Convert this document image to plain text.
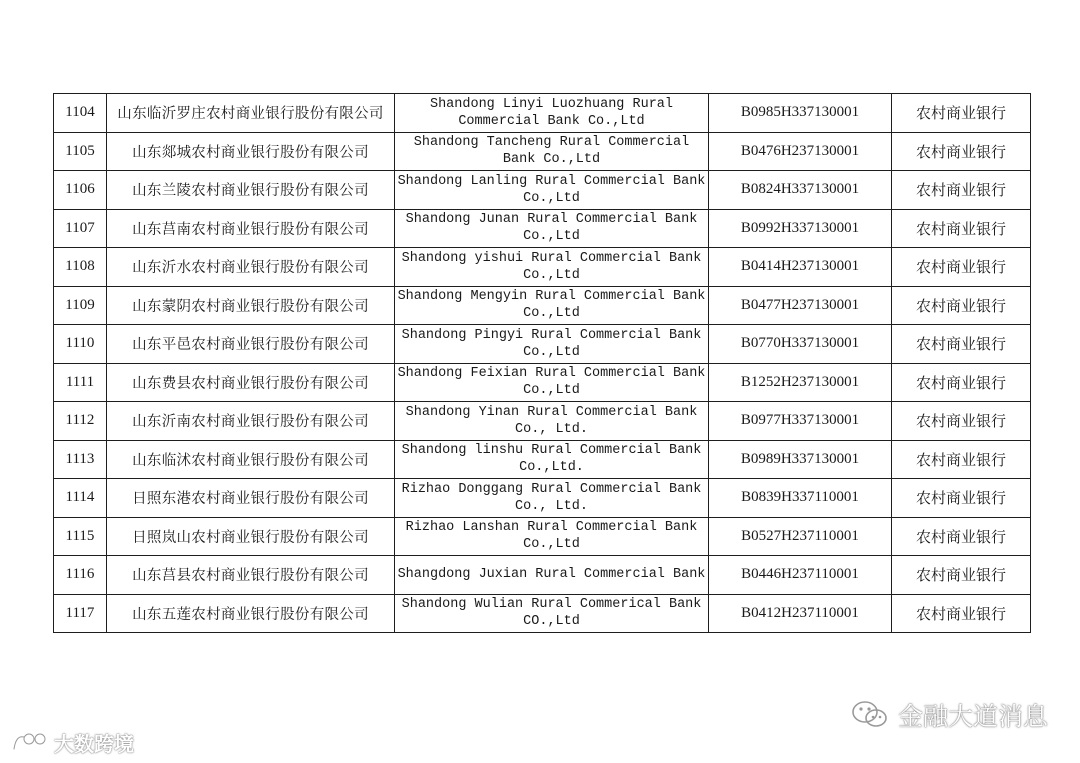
1104	山东临沂罗庄农村商业银行股份有限公司	Shandong Linyi Luozhuang Rural Commercial Bank Co.,Ltd	B0985H337130001	农村商业银行
1105	山东郯城农村商业银行股份有限公司	Shandong Tancheng Rural Commercial Bank Co.,Ltd	B0476H237130001	农村商业银行
1106	山东兰陵农村商业银行股份有限公司	Shandong Lanling Rural Commercial Bank Co.,Ltd	B0824H337130001	农村商业银行
1107	山东莒南农村商业银行股份有限公司	Shandong Junan Rural Commercial Bank Co.,Ltd	B0992H337130001	农村商业银行
1108	山东沂水农村商业银行股份有限公司	Shandong yishui Rural Commercial Bank Co.,Ltd	B0414H237130001	农村商业银行
1109	山东蒙阴农村商业银行股份有限公司	Shandong Mengyin Rural Commercial Bank Co.,Ltd	B0477H237130001	农村商业银行
1110	山东平邑农村商业银行股份有限公司	Shandong Pingyi Rural Commercial Bank Co.,Ltd	B0770H337130001	农村商业银行
1111	山东费县农村商业银行股份有限公司	Shandong Feixian Rural Commercial Bank Co.,Ltd	B1252H237130001	农村商业银行
1112	山东沂南农村商业银行股份有限公司	Shandong Yinan Rural Commercial Bank Co., Ltd.	B0977H337130001	农村商业银行
1113	山东临沭农村商业银行股份有限公司	Shandong linshu Rural Commercial Bank Co.,Ltd.	B0989H337130001	农村商业银行
1114	日照东港农村商业银行股份有限公司	Rizhao Donggang Rural Commercial Bank Co., Ltd.	B0839H337110001	农村商业银行
1115	日照岚山农村商业银行股份有限公司	Rizhao Lanshan Rural Commercial Bank Co.,Ltd	B0527H237110001	农村商业银行
1116	山东莒县农村商业银行股份有限公司	Shangdong Juxian Rural Commercial Bank	B0446H237110001	农村商业银行
1117	山东五莲农村商业银行股份有限公司	Shandong Wulian Rural Commerical Bank CO.,Ltd	B0412H237110001	农村商业银行
大数跨境
金融大道消息
